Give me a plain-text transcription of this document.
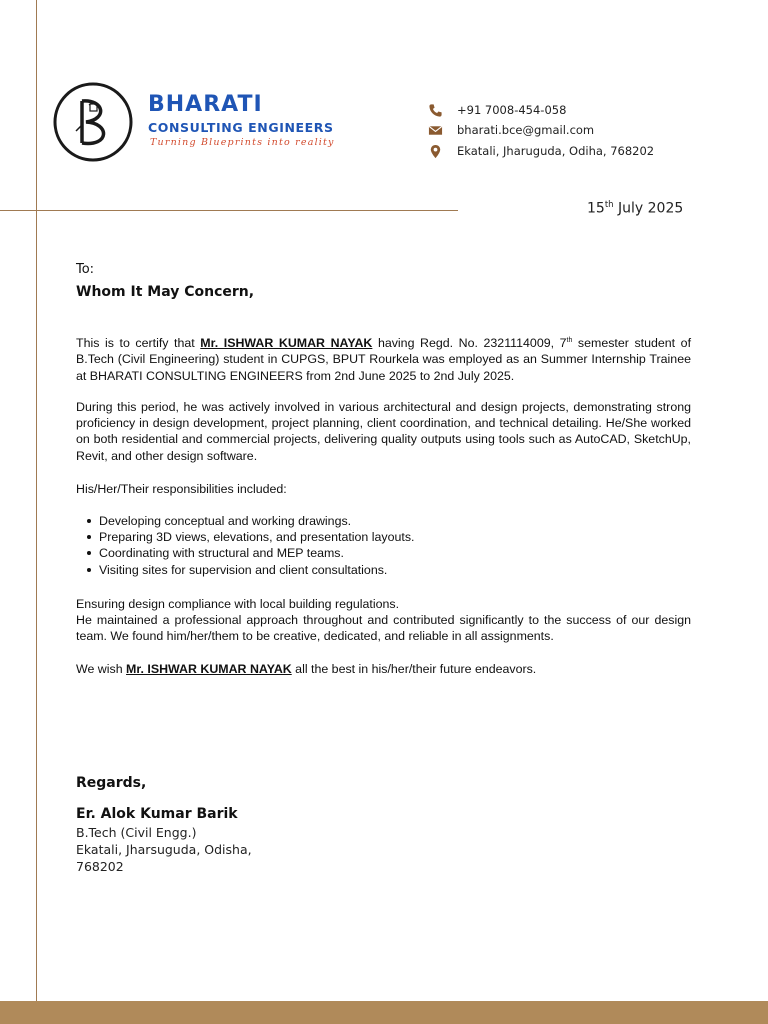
BHARATI
CONSULTING ENGINEERS
Turning Blueprints into reality
+91 7008-454-058
bharati.bce@gmail.com
Ekatali, Jharuguda, Odiha, 768202
15th July 2025
To:
Whom It May Concern,

This is to certify that Mr. ISHWAR KUMAR NAYAK having Regd. No. 2321114009, 7th semester student of B.Tech (Civil Engineering) student in CUPGS, BPUT Rourkela was employed as an Summer Internship Trainee at BHARATI CONSULTING ENGINEERS from 2nd June 2025 to 2nd July 2025.

During this period, he was actively involved in various architectural and design projects, demonstrating strong proficiency in design development, project planning, client coordination, and technical detailing. He/She worked on both residential and commercial projects, delivering quality outputs using tools such as AutoCAD, SketchUp, Revit, and other design software.

His/Her/Their responsibilities included:

Developing conceptual and working drawings.
Preparing 3D views, elevations, and presentation layouts.
Coordinating with structural and MEP teams.
Visiting sites for supervision and client consultations.

Ensuring design compliance with local building regulations.

He maintained a professional approach throughout and contributed significantly to the success of our design team. We found him/her/them to be creative, dedicated, and reliable in all assignments.

We wish Mr. ISHWAR KUMAR NAYAK all the best in his/her/their future endeavors.

Regards,
Er. Alok Kumar Barik
B.Tech (Civil Engg.)
Ekatali, Jharsuguda, Odisha,
768202
